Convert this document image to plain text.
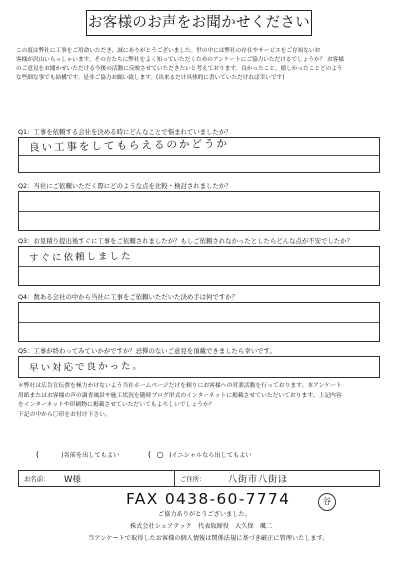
お客様のお声をお聞かせください
この度は弊社に工事をご用命いただき、誠にありがとうございました。世の中には弊社の存在やサービスをご存知ないお
客様が沢山いらっしゃいます。その方たちに弊社をよく知っていただくためのアンケートにご協力いただけるでしょうか？ お客様
のご意見をお聞かせいただける今後の活動に反映させていただきたいと考えております。良かったこと、嬉しかったことどのよう
な些細な事でも結構です。是非ご協力お願い致します。(出来るだけ具体的に書いていただければ幸いです)
Q1：工事を依頼する会社を決める時にどんなことで悩まれていましたか？
良い工事をしてもらえるのかどうか
Q2：当社にご依頼いただく際にどのような点を比較・検討されましたか？
Q3：お見積り提出後すぐに工事をご依頼されましたか？もしご依頼されなかったとしたらどんな点が不安でしたか？
すぐに依頼しました
Q4：数ある会社の中から当社に工事をご依頼いただいた決め手は何ですか？
Q5：工事が終わってみていかがですか？忌憚のないご意見を頂戴できましたら幸いです。
早い対応で良かった。
＊弊社は広告宣伝費を極力かけないよう当社ホームページだけを頼りにお客様への営業活動を行っております。本アンケート
用紙またはお客様の声の調査風景や施工状況を随時ブログ形式のインターネットに掲載させていただいております。上記内容
をインターネットや印刷物に掲載させていただいてもよろしいでしょうか？
下記の中から〇印をお付け下さい。
(	)名前を出してもよい	( ○ )イニシャルなら出してもよい
お名前： W様	ご住所：	八街市八街ほ
FAX 0438-60-7774	谷
ご協力ありがとうございました。
株式会社シェアテック　代表取締役　大久保　颯二
当アンケートで取得したお客様の個人情報は関係法規に基づき厳正に管理いたします。
